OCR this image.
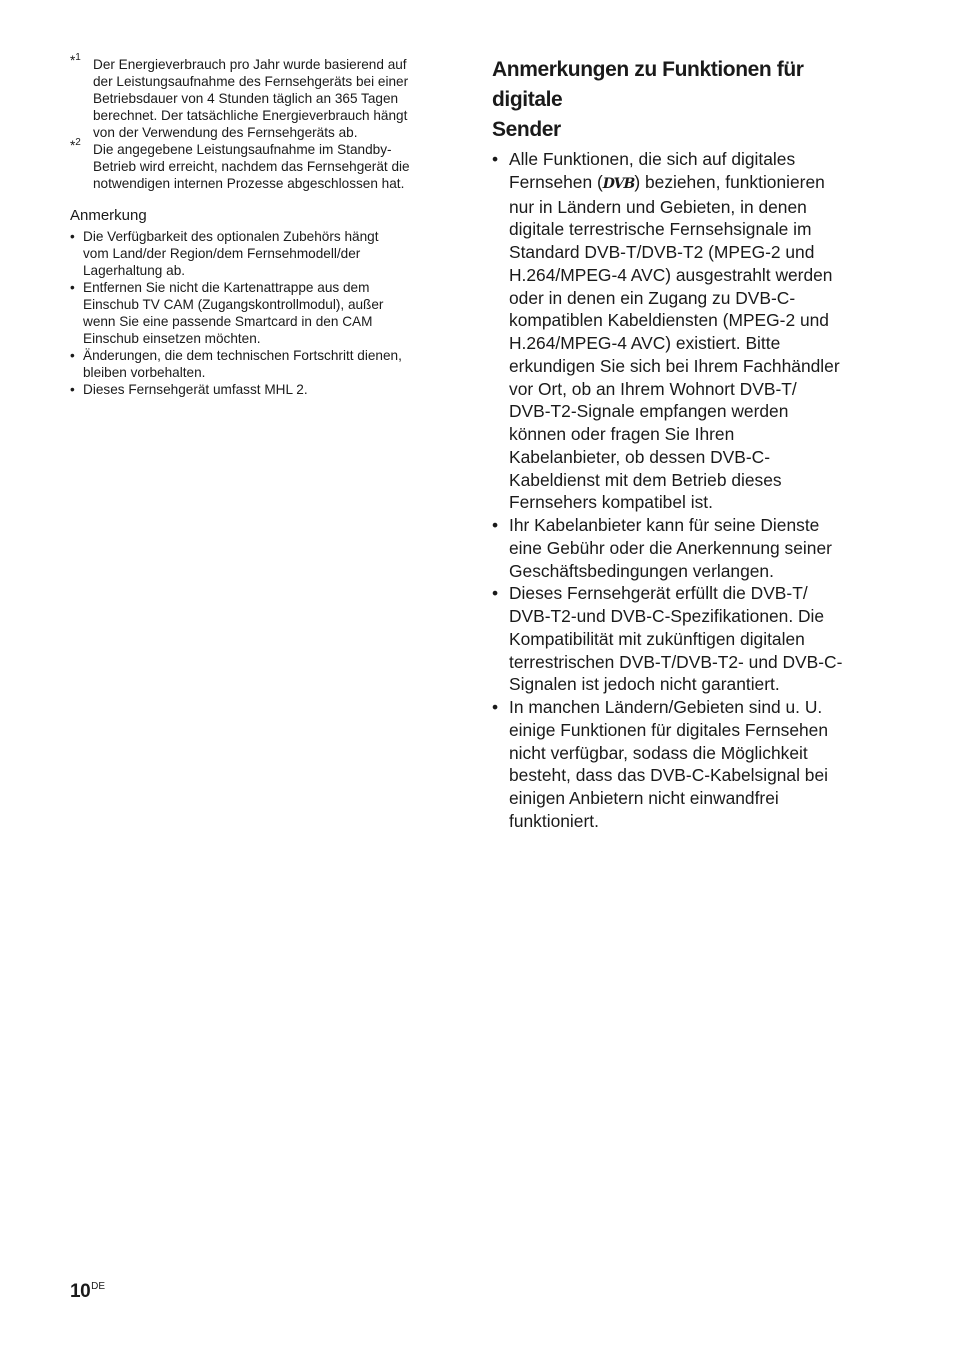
*$^1$ Der Energieverbrauch pro Jahr wurde basierend auf
der Leistungsaufnahme des Fernsehgeräts bei einer
Betriebsdauer von 4 Stunden täglich an 365 Tagen
berechnet. Der tatsächliche Energieverbrauch hängt
von der Verwendung des Fernsehgeräts ab.
*$^2$ Die angegebene Leistungsaufnahme im Standby-
Betrieb wird erreicht, nachdem das Fernsehgerät die
notwendigen internen Prozesse abgeschlossen hat.
Anmerkung
• Die Verfügbarkeit des optionalen Zubehörs hängt
vom Land/der Region/dem Fernsehmodell/der
Lagerhaltung ab.
• Entfernen Sie nicht die Kartenattrappe aus dem
Einschub TV CAM (Zugangskontrollmodul), außer
wenn Sie eine passende Smartcard in den CAM
Einschub einsetzen möchten.
• Änderungen, die dem technischen Fortschritt dienen,
bleiben vorbehalten.
• Dieses Fernsehgerät umfasst MHL 2.
Anmerkungen zu Funktionen für digitale
Sender
• Alle Funktionen, die sich auf digitales
Fernsehen (DVB) beziehen, funktionieren
nur in Ländern und Gebieten, in denen
digitale terrestrische Fernsehsignale im
Standard DVB-T/DVB-T2 (MPEG-2 und
H.264/MPEG-4 AVC) ausgestrahlt werden
oder in denen ein Zugang zu DVB-C-
kompatiblen Kabeldiensten (MPEG-2 und
H.264/MPEG-4 AVC) existiert. Bitte
erkundigen Sie sich bei Ihrem Fachhändler
vor Ort, ob an Ihrem Wohnort DVB-T/
DVB-T2-Signale empfangen werden
können oder fragen Sie Ihren
Kabelanbieter, ob dessen DVB-C-
Kabeldienst mit dem Betrieb dieses
Fernsehers kompatibel ist.
• Ihr Kabelanbieter kann für seine Dienste
eine Gebühr oder die Anerkennung seiner
Geschäftsbedingungen verlangen.
• Dieses Fernsehgerät erfüllt die DVB-T/
DVB-T2-und DVB-C-Spezifikationen. Die
Kompatibilität mit zukünftigen digitalen
terrestrischen DVB-T/DVB-T2- und DVB-C-
Signalen ist jedoch nicht garantiert.
• In manchen Ländern/Gebieten sind u. U.
einige Funktionen für digitales Fernsehen
nicht verfügbar, sodass die Möglichkeit
besteht, dass das DVB-C-Kabelsignal bei
einigen Anbietern nicht einwandfrei
funktioniert.
10DE
